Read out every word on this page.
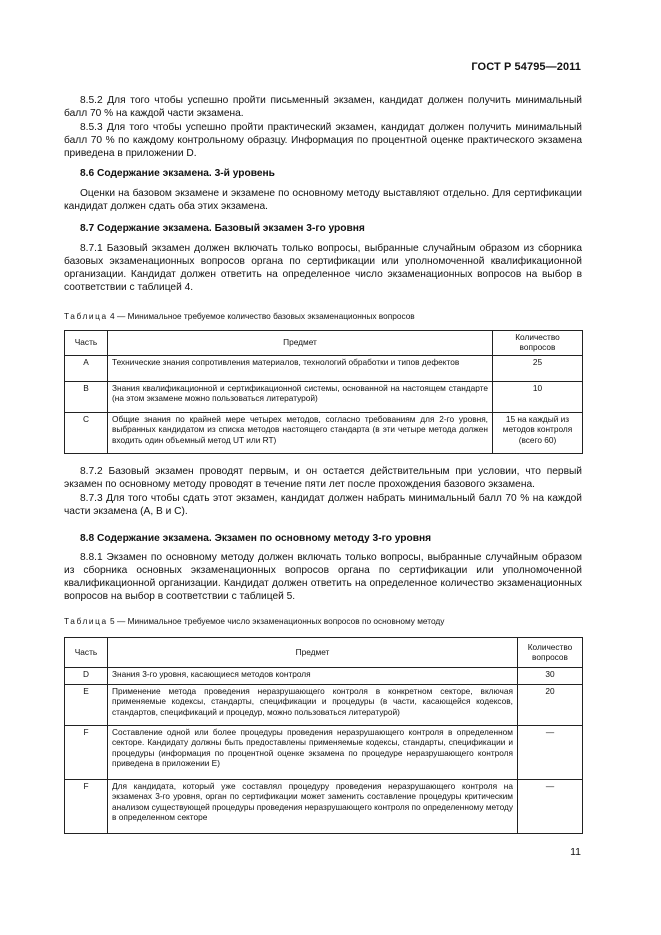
ГОСТ Р 54795—2011
8.5.2 Для того чтобы успешно пройти письменный экзамен, кандидат должен получить минимальный балл 70 % на каждой части экзамена.
8.5.3 Для того чтобы успешно пройти практический экзамен, кандидат должен получить минимальный балл 70 % по каждому контрольному образцу. Информация по процентной оценке практического экзамена приведена в приложении D.
8.6 Содержание экзамена. 3-й уровень
Оценки на базовом экзамене и экзамене по основному методу выставляют отдельно. Для сертификации кандидат должен сдать оба этих экзамена.
8.7 Содержание экзамена. Базовый экзамен 3-го уровня
8.7.1 Базовый экзамен должен включать только вопросы, выбранные случайным образом из сборника базовых экзаменационных вопросов органа по сертификации или уполномоченной квалификационной организации. Кандидат должен ответить на определенное число экзаменационных вопросов на выбор в соответствии с таблицей 4.
Таблица 4 — Минимальное требуемое количество базовых экзаменационных вопросов
Часть	Предмет	Количество вопросов
A	Технические знания сопротивления материалов, технологий обработки и типов дефектов	25
B	Знания квалификационной и сертификационной системы, основанной на настоящем стандарте (на этом экзамене можно пользоваться литературой)	10
C	Общие знания по крайней мере четырех методов, согласно требованиям для 2-го уровня, выбранных кандидатом из списка методов настоящего стандарта (в эти четыре метода должен входить один объемный метод UT или RT)	15 на каждый из методов контроля (всего 60)
8.7.2 Базовый экзамен проводят первым, и он остается действительным при условии, что первый экзамен по основному методу проводят в течение пяти лет после прохождения базового экзамена.
8.7.3 Для того чтобы сдать этот экзамен, кандидат должен набрать минимальный балл 70 % на каждой части экзамена (A, B и C).
8.8 Содержание экзамена. Экзамен по основному методу 3-го уровня
8.8.1 Экзамен по основному методу должен включать только вопросы, выбранные случайным образом из сборника основных экзаменационных вопросов органа по сертификации или уполномоченной квалификационной организации. Кандидат должен ответить на определенное количество экзаменационных вопросов на выбор в соответствии с таблицей 5.
Таблица 5 — Минимальное требуемое число экзаменационных вопросов по основному методу
Часть	Предмет	Количество вопросов
D	Знания 3-го уровня, касающиеся методов контроля	30
E	Применение метода проведения неразрушающего контроля в конкретном секторе, включая применяемые кодексы, стандарты, спецификации и процедуры (в части, касающейся кодексов, стандартов, спецификаций и процедур, можно пользоваться литературой)	20
F	Составление одной или более процедуры проведения неразрушающего контроля в определенном секторе. Кандидату должны быть предоставлены применяемые кодексы, стандарты, спецификации и процедуры (информация по процентной оценке экзамена по процедуре неразрушающего контроля приведена в приложении E)	—
F	Для кандидата, который уже составлял процедуру проведения неразрушающего контроля на экзаменах 3-го уровня, орган по сертификации может заменить составление процедуры критическим анализом существующей процедуры проведения неразрушающего контроля по определенному методу в определенном секторе	—
11
